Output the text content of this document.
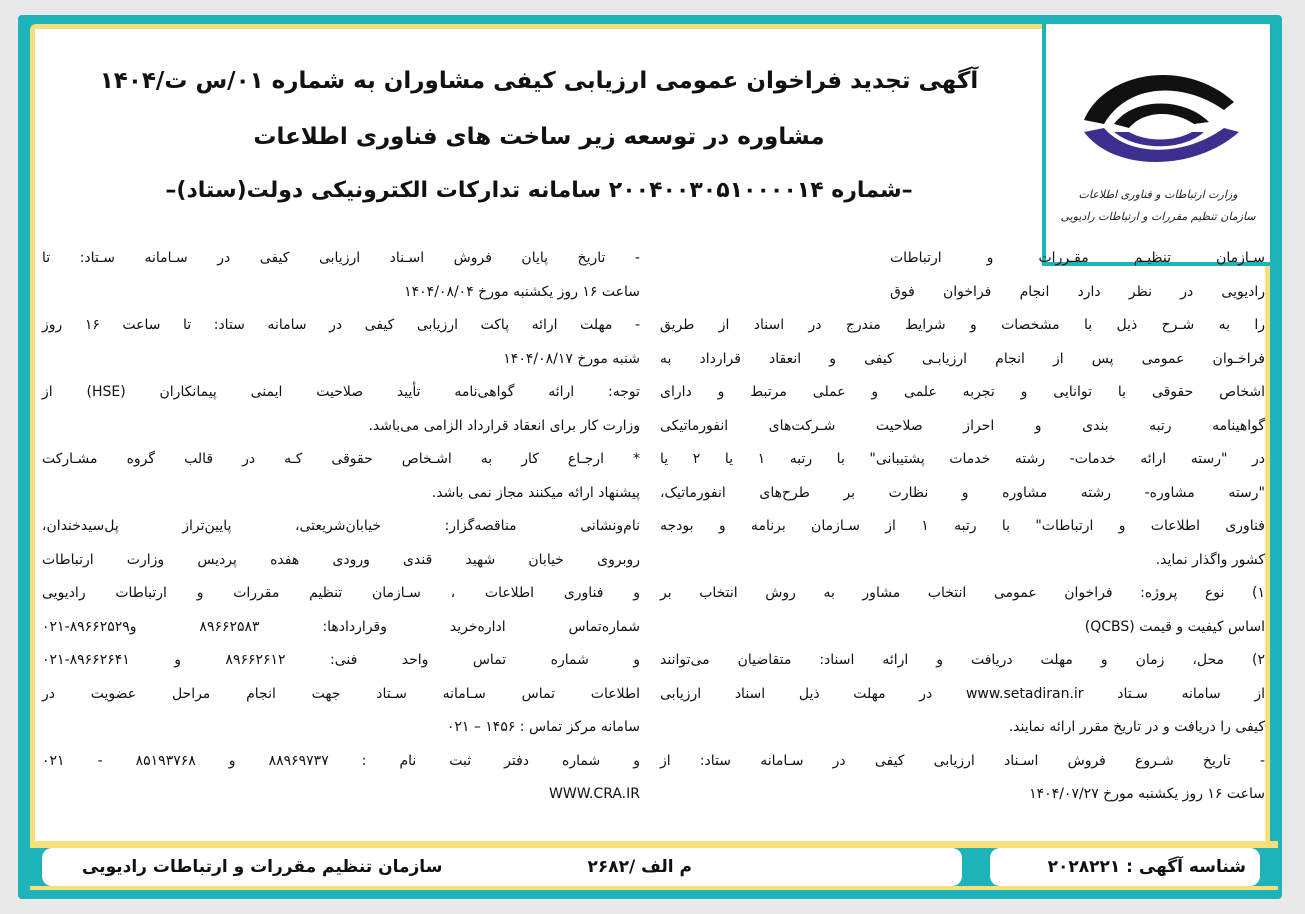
وزارت ارتباطات و فناوری اطلاعات
سازمان تنظیم مقررات و ارتباطات رادیویی
آگهی تجدید فراخوان عمومی ارزیابی کیفی مشاوران به شماره ۰۱/س ت/۱۴۰۴
مشاوره در توسعه زیر ساخت های فناوری اطلاعات
–شماره ۲۰۰۴۰۰۳۰۵۱۰۰۰۰۱۴ سامانه تدارکات الکترونیکی دولت(ستاد)–
سـازمان تنظیـم مقـررات و ارتباطات
رادیویی در نظر دارد انجام فراخوان فوق
را به شـرح ذیل با مشخصات و شرایط مندرج در اسناد از طریق
فراخـوان عمومی پس از انجام ارزیابـی کیفی و انعقاد قرارداد به
اشخاص حقوقی با توانایی و تجربه علمی و عملی مرتبط و دارای
گواهینامه رتبه بندی و احراز صلاحیت شـرکت‌های انفورماتیکی
در "رسته ارائه خدمات- رشته خدمات پشتیبانی" با رتبه ۱ یا ۲ یا
"رسته مشاوره- رشته مشاوره و نظارت بر طرح‌های انفورماتیک،
فناوری اطلاعات و ارتباطات" با رتبه ۱ از سـازمان برنامه و بودجه
کشور واگذار نماید.
۱) نوع پروژه: فراخوان عمومی انتخاب مشاور به روش انتخاب بر
اساس کیفیت و قیمت (QCBS)
۲) محل، زمان و مهلت دریافت و ارائه اسناد: متقاضیان می‌توانند
از سامانه سـتاد www.setadiran.ir در مهلت ذیل اسناد ارزیابی
کیفی را دریافت و در تاریخ مقرر ارائه نمایند.
- تاریخ شـروع فروش اسـناد ارزیابی کیفی در سـامانه ستاد: از
ساعت ۱۶ روز یکشنبه مورخ ۱۴۰۴/۰۷/۲۷
- تاریخ پایان فروش اسـناد ارزیابی کیفی در سـامانه سـتاد: تا
ساعت ۱۶ روز یکشنبه مورخ ۱۴۰۴/۰۸/۰۴
- مهلت ارائه پاکت ارزیابی کیفی در سامانه ستاد: تا ساعت ۱۶ روز
شنبه مورخ ۱۴۰۴/۰۸/۱۷
توجه: ارائه گواهی‌نامه تأیید صلاحیت ایمنی پیمانکاران (HSE) از
وزارت کار برای انعقاد قرارداد الزامی می‌باشد.
* ارجـاع کار به اشـخاص حقوقی کـه در قالب گروه مشـارکت
پیشنهاد ارائه میکنند مجاز نمی باشد.
نام‌ونشانی مناقصه‌گزار: خیابان‌شریعتی، پایین‌تراز پل‌سیدخندان،
روبروی خیابان شهید قندی ورودی هفده پردیس وزارت ارتباطات
و فناوری اطلاعات ، سـازمان تنظیم مقررات و ارتباطات رادیویی
شماره‌تماس اداره‌خرید وقراردادها: ۸۹۶۶۲۵۸۳ و۸۹۶۶۲۵۲۹-۰۲۱
و شماره تماس واحد فنی: ۸۹۶۶۲۶۱۲ و ۸۹۶۶۲۶۴۱-۰۲۱
اطلاعات تماس سـامانه سـتاد جهت انجام مراحل عضویت در
سامانه مرکز تماس : ۱۴۵۶ – ۰۲۱
و شماره دفتر ثبت نام : ۸۸۹۶۹۷۳۷ و ۸۵۱۹۳۷۶۸ - ۰۲۱
WWW.CRA.IR
شناسه آگهی : ۲۰۲۸۲۲۱
م الف /۲۶۸۲
سازمان تنظیم مقررات و ارتباطات رادیویی
